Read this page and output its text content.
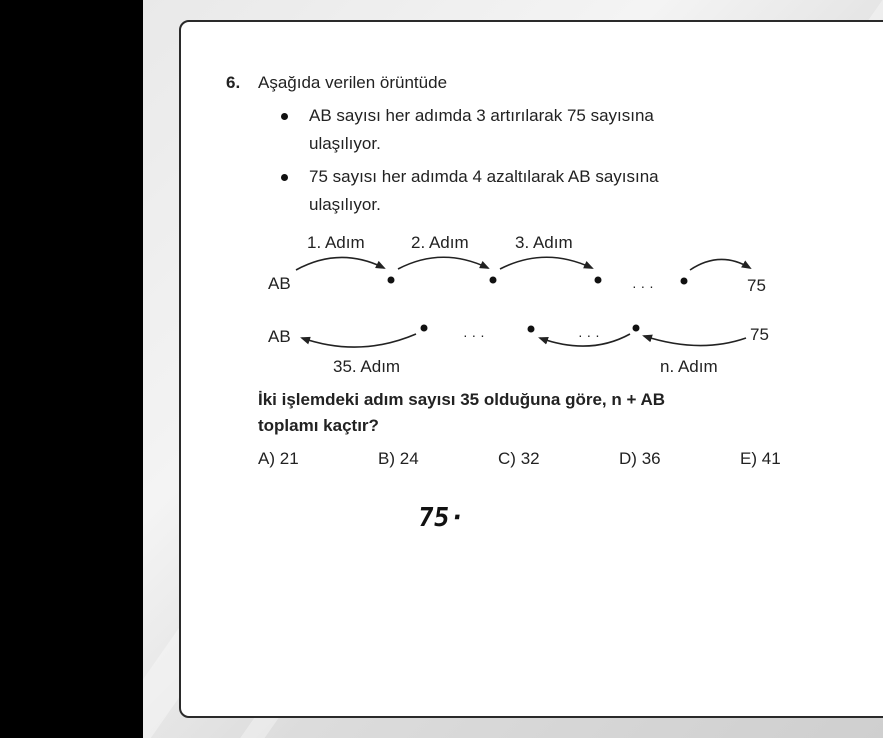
6. Aşağıda verilen örüntüde
AB sayısı her adımda 3 artırılarak 75 sayısına
ulaşılıyor.
75 sayısı her adımda 4 azaltılarak AB sayısına
ulaşılıyor.
1. Adım	2. Adım	3. Adım
AB	75
· · ·
AB	75
· · ·	· · ·
35. Adım	n. Adım
İki işlemdeki adım sayısı 35 olduğuna göre, n + AB
toplamı kaçtır?
A) 21	B) 24	C) 32	D) 36	E) 41
75·
